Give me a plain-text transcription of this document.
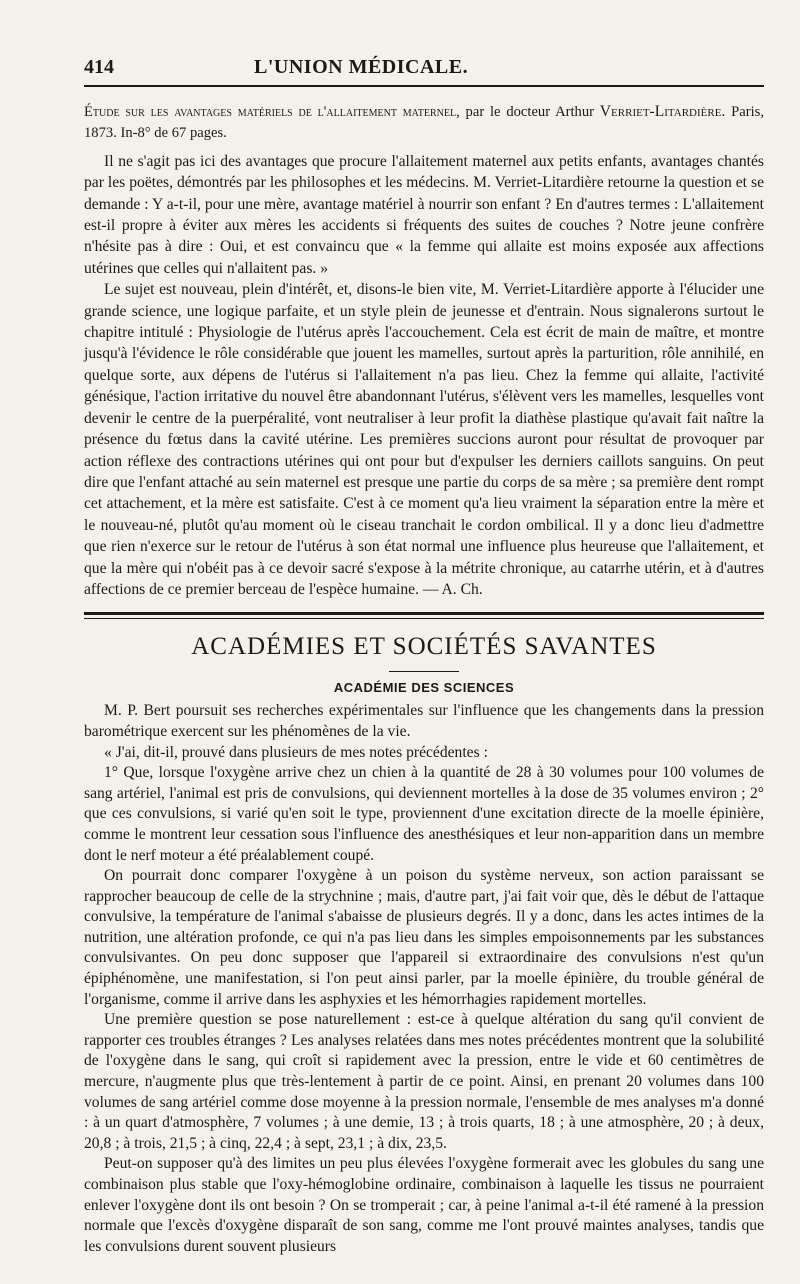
414	L'UNION MÉDICALE.

Étude sur les avantages matériels de l'allaitement maternel, par le docteur Arthur Verriet-Litardière. Paris, 1873. In-8° de 67 pages.

Il ne s'agit pas ici des avantages que procure l'allaitement maternel aux petits enfants, avantages chantés par les poëtes, démontrés par les philosophes et les médecins. M. Verriet-Litardière retourne la question et se demande : Y a-t-il, pour une mère, avantage matériel à nourrir son enfant ? En d'autres termes : L'allaitement est-il propre à éviter aux mères les accidents si fréquents des suites de couches ? Notre jeune confrère n'hésite pas à dire : Oui, et est convaincu que « la femme qui allaite est moins exposée aux affections utérines que celles qui n'allaitent pas. »

Le sujet est nouveau, plein d'intérêt, et, disons-le bien vite, M. Verriet-Litardière apporte à l'élucider une grande science, une logique parfaite, et un style plein de jeunesse et d'entrain. Nous signalerons surtout le chapitre intitulé : Physiologie de l'utérus après l'accouchement. Cela est écrit de main de maître, et montre jusqu'à l'évidence le rôle considérable que jouent les mamelles, surtout après la parturition, rôle annihilé, en quelque sorte, aux dépens de l'utérus si l'allaitement n'a pas lieu. Chez la femme qui allaite, l'activité génésique, l'action irritative du nouvel être abandonnant l'utérus, s'élèvent vers les mamelles, lesquelles vont devenir le centre de la puerpéralité, vont neutraliser à leur profit la diathèse plastique qu'avait fait naître la présence du fœtus dans la cavité utérine. Les premières succions auront pour résultat de provoquer par action réflexe des contractions utérines qui ont pour but d'expulser les derniers caillots sanguins. On peut dire que l'enfant attaché au sein maternel est presque une partie du corps de sa mère ; sa première dent rompt cet attachement, et la mère est satisfaite. C'est à ce moment qu'a lieu vraiment la séparation entre la mère et le nouveau-né, plutôt qu'au moment où le ciseau tranchait le cordon ombilical. Il y a donc lieu d'admettre que rien n'exerce sur le retour de l'utérus à son état normal une influence plus heureuse que l'allaitement, et que la mère qui n'obéit pas à ce devoir sacré s'expose à la métrite chronique, au catarrhe utérin, et à d'autres affections de ce premier berceau de l'espèce humaine. — A. Ch.

ACADÉMIES ET SOCIÉTÉS SAVANTES
ACADÉMIE DES SCIENCES

M. P. Bert poursuit ses recherches expérimentales sur l'influence que les changements dans la pression barométrique exercent sur les phénomènes de la vie.

« J'ai, dit-il, prouvé dans plusieurs de mes notes précédentes :

1° Que, lorsque l'oxygène arrive chez un chien à la quantité de 28 à 30 volumes pour 100 volumes de sang artériel, l'animal est pris de convulsions, qui deviennent mortelles à la dose de 35 volumes environ ; 2° que ces convulsions, si varié qu'en soit le type, proviennent d'une excitation directe de la moelle épinière, comme le montrent leur cessation sous l'influence des anesthésiques et leur non-apparition dans un membre dont le nerf moteur a été préalablement coupé.

On pourrait donc comparer l'oxygène à un poison du système nerveux, son action paraissant se rapprocher beaucoup de celle de la strychnine ; mais, d'autre part, j'ai fait voir que, dès le début de l'attaque convulsive, la température de l'animal s'abaisse de plusieurs degrés. Il y a donc, dans les actes intimes de la nutrition, une altération profonde, ce qui n'a pas lieu dans les simples empoisonnements par les substances convulsivantes. On peu donc supposer que l'appareil si extraordinaire des convulsions n'est qu'un épiphénomène, une manifestation, si l'on peut ainsi parler, par la moelle épinière, du trouble général de l'organisme, comme il arrive dans les asphyxies et les hémorrhagies rapidement mortelles.

Une première question se pose naturellement : est-ce à quelque altération du sang qu'il convient de rapporter ces troubles étranges ? Les analyses relatées dans mes notes précédentes montrent que la solubilité de l'oxygène dans le sang, qui croît si rapidement avec la pression, entre le vide et 60 centimètres de mercure, n'augmente plus que très-lentement à partir de ce point. Ainsi, en prenant 20 volumes dans 100 volumes de sang artériel comme dose moyenne à la pression normale, l'ensemble de mes analyses m'a donné : à un quart d'atmosphère, 7 volumes ; à une demie, 13 ; à trois quarts, 18 ; à une atmosphère, 20 ; à deux, 20,8 ; à trois, 21,5 ; à cinq, 22,4 ; à sept, 23,1 ; à dix, 23,5.

Peut-on supposer qu'à des limites un peu plus élevées l'oxygène formerait avec les globules du sang une combinaison plus stable que l'oxy-hémoglobine ordinaire, combinaison à laquelle les tissus ne pourraient enlever l'oxygène dont ils ont besoin ? On se tromperait ; car, à peine l'animal a-t-il été ramené à la pression normale que l'excès d'oxygène disparaît de son sang, comme me l'ont prouvé maintes analyses, tandis que les convulsions durent souvent plusieurs
